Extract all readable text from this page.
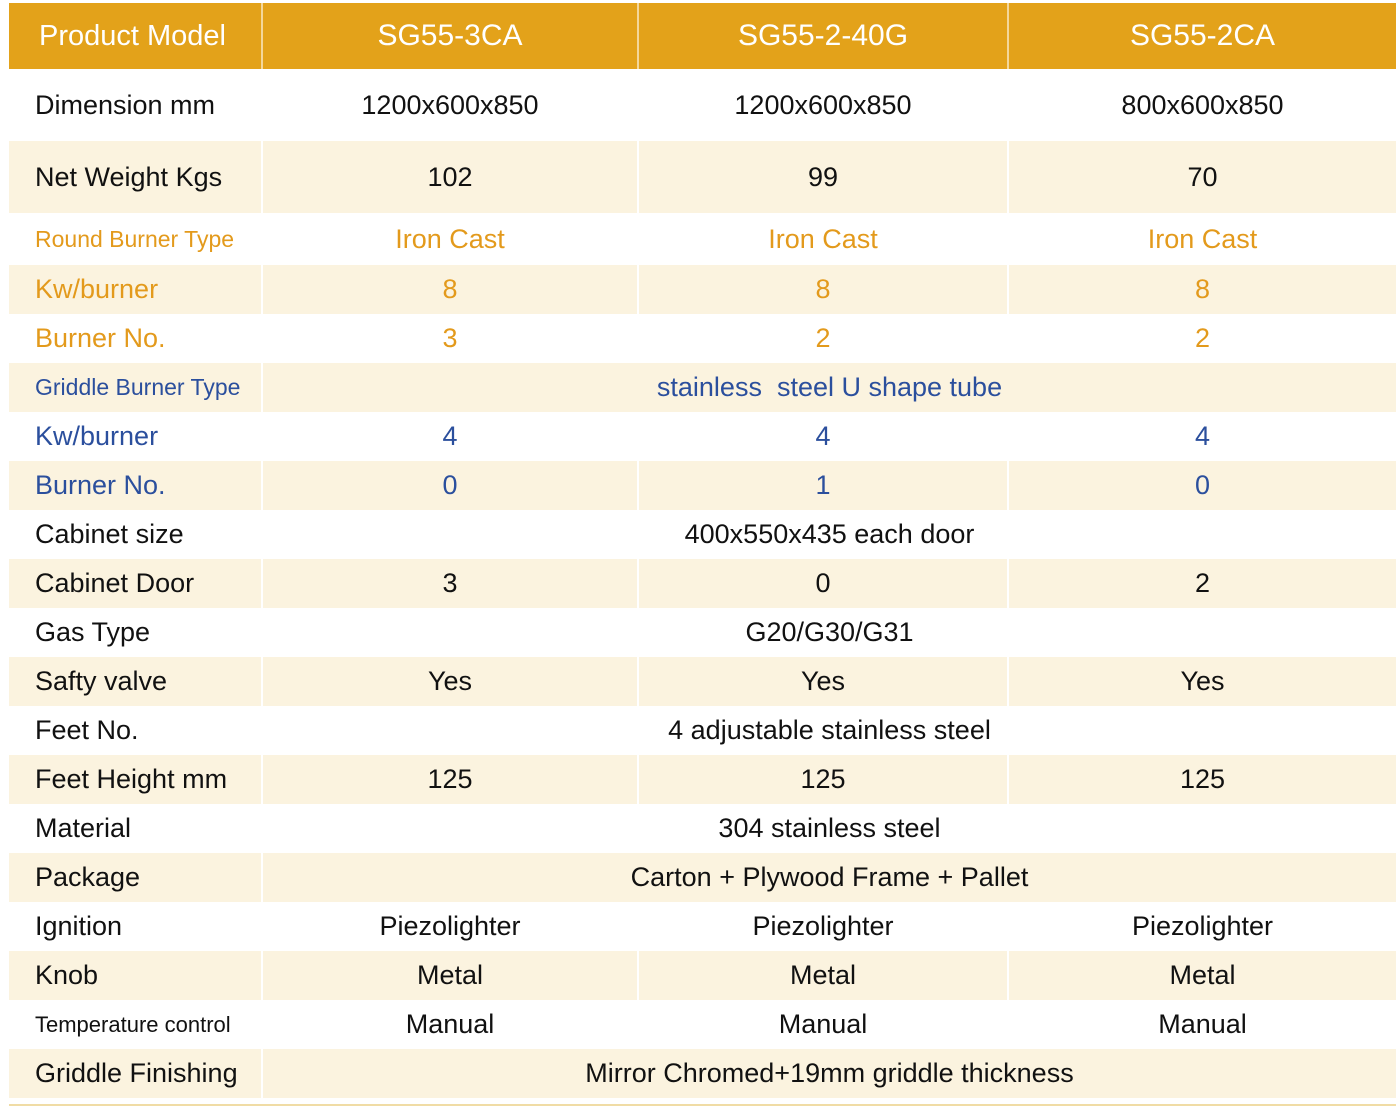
Product Model	SG55-3CA	SG55-2-40G	SG55-2CA
Dimension mm	1200x600x850	1200x600x850	800x600x850
Net Weight Kgs	102	99	70
Round Burner Type	Iron Cast	Iron Cast	Iron Cast
Kw/burner	8	8	8
Burner No.	3	2	2
Griddle Burner Type	stainless  steel U shape tube		
Kw/burner	4	4	4
Burner No.	0	1	0
Cabinet size	400x550x435 each door		
Cabinet Door	3	0	2
Gas Type	G20/G30/G31		
Safty valve	Yes	Yes	Yes
Feet No.	4 adjustable stainless steel		
Feet Height mm	125	125	125
Material	304 stainless steel		
Package	Carton + Plywood Frame + Pallet		
Ignition	Piezolighter	Piezolighter	Piezolighter
Knob	Metal	Metal	Metal
Temperature control	Manual	Manual	Manual
Griddle Finishing	Mirror Chromed+19mm griddle thickness		
